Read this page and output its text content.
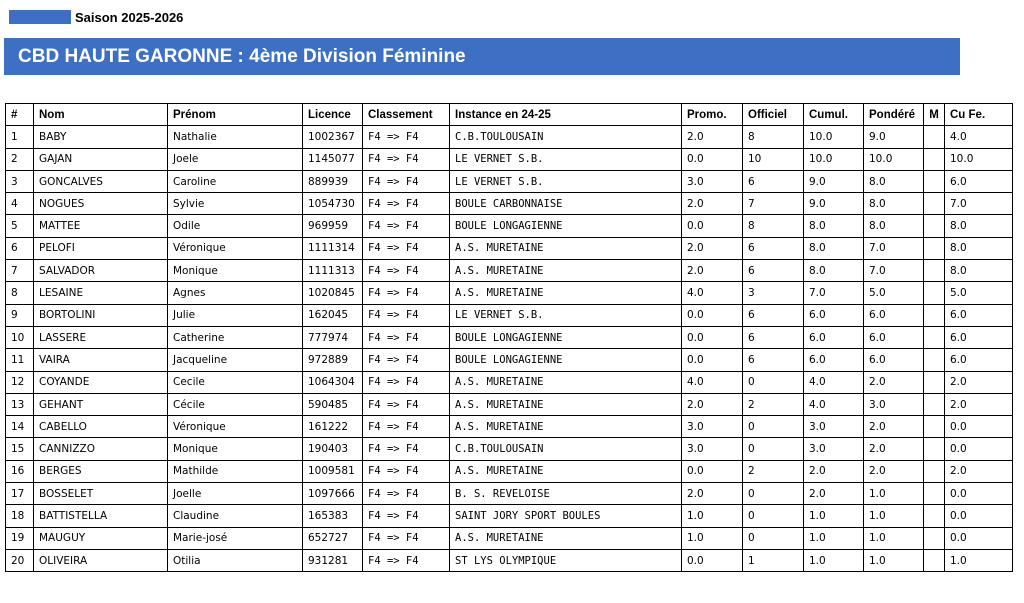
Saison 2025-2026
CBD HAUTE GARONNE : 4ème Division Féminine
#	Nom	Prénom	Licence	Classement	Instance en 24-25	Promo.	Officiel	Cumul.	Pondéré	M	Cu Fe.
1	BABY	Nathalie	1002367	F4 => F4	C.B.TOULOUSAIN	2.0	8	10.0	9.0		4.0
2	GAJAN	Joele	1145077	F4 => F4	LE VERNET S.B.	0.0	10	10.0	10.0		10.0
3	GONCALVES	Caroline	889939	F4 => F4	LE VERNET S.B.	3.0	6	9.0	8.0		6.0
4	NOGUES	Sylvie	1054730	F4 => F4	BOULE CARBONNAISE	2.0	7	9.0	8.0		7.0
5	MATTEE	Odile	969959	F4 => F4	BOULE LONGAGIENNE	0.0	8	8.0	8.0		8.0
6	PELOFI	Véronique	1111314	F4 => F4	A.S. MURETAINE	2.0	6	8.0	7.0		8.0
7	SALVADOR	Monique	1111313	F4 => F4	A.S. MURETAINE	2.0	6	8.0	7.0		8.0
8	LESAINE	Agnes	1020845	F4 => F4	A.S. MURETAINE	4.0	3	7.0	5.0		5.0
9	BORTOLINI	Julie	162045	F4 => F4	LE VERNET S.B.	0.0	6	6.0	6.0		6.0
10	LASSERE	Catherine	777974	F4 => F4	BOULE LONGAGIENNE	0.0	6	6.0	6.0		6.0
11	VAIRA	Jacqueline	972889	F4 => F4	BOULE LONGAGIENNE	0.0	6	6.0	6.0		6.0
12	COYANDE	Cecile	1064304	F4 => F4	A.S. MURETAINE	4.0	0	4.0	2.0		2.0
13	GEHANT	Cécile	590485	F4 => F4	A.S. MURETAINE	2.0	2	4.0	3.0		2.0
14	CABELLO	Véronique	161222	F4 => F4	A.S. MURETAINE	3.0	0	3.0	2.0		0.0
15	CANNIZZO	Monique	190403	F4 => F4	C.B.TOULOUSAIN	3.0	0	3.0	2.0		0.0
16	BERGES	Mathilde	1009581	F4 => F4	A.S. MURETAINE	0.0	2	2.0	2.0		2.0
17	BOSSELET	Joelle	1097666	F4 => F4	B. S. REVELOISE	2.0	0	2.0	1.0		0.0
18	BATTISTELLA	Claudine	165383	F4 => F4	SAINT JORY SPORT BOULES	1.0	0	1.0	1.0		0.0
19	MAUGUY	Marie-josé	652727	F4 => F4	A.S. MURETAINE	1.0	0	1.0	1.0		0.0
20	OLIVEIRA	Otilia	931281	F4 => F4	ST LYS OLYMPIQUE	0.0	1	1.0	1.0		1.0
